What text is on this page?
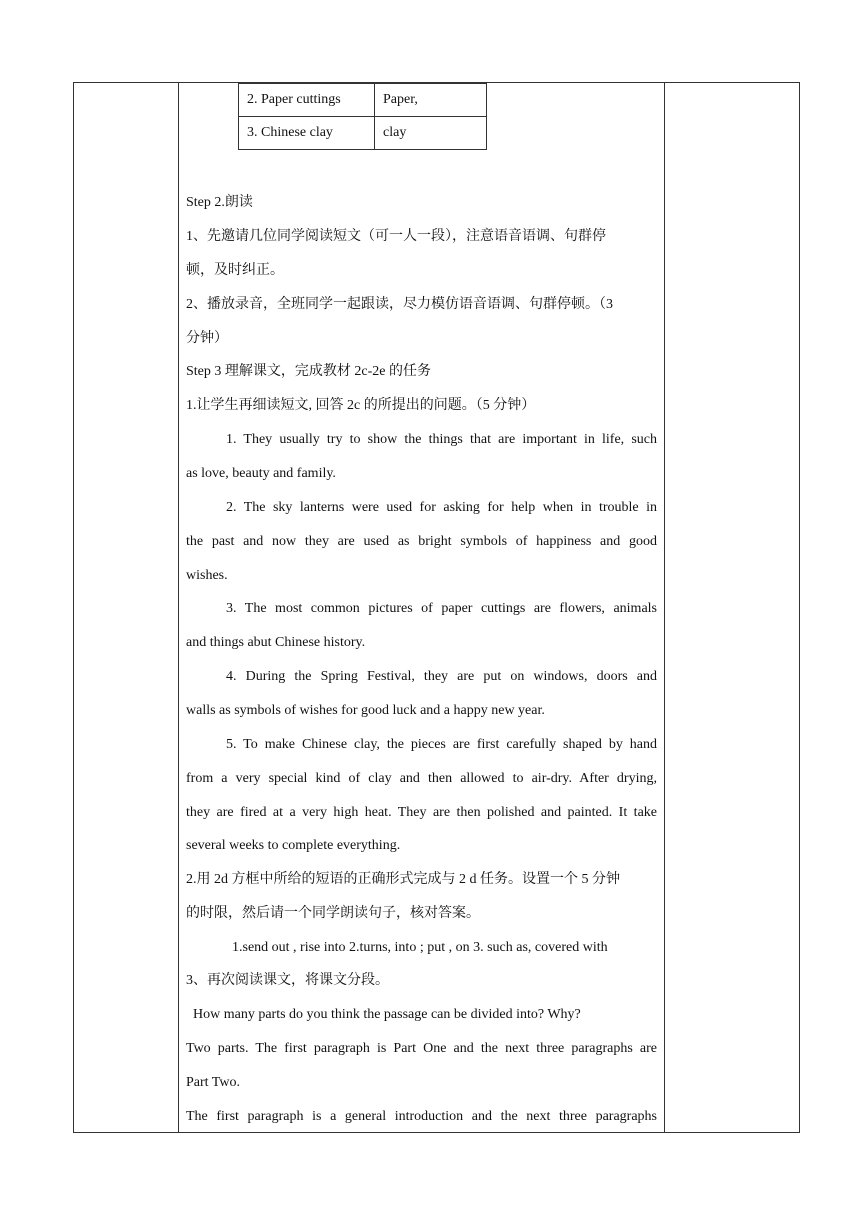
2. Paper cuttings	Paper,
3. Chinese clay	clay
Step 2.朗读
1、先邀请几位同学阅读短文（可一人一段），注意语音语调、句群停
顿，及时纠正。
2、播放录音，全班同学一起跟读，尽力模仿语音语调、句群停顿。（3
分钟）
Step 3 理解课文，完成教材 2c-2e 的任务
1.让学生再细读短文, 回答 2c 的所提出的问题。（5 分钟）
1. They usually try to show the things that are important in life, such
as love, beauty and family.
2. The sky lanterns were used for asking for help when in trouble in
the past and now they are used as bright symbols of happiness and good
wishes.
3. The most common pictures of paper cuttings are flowers, animals
and things abut Chinese history.
4. During the Spring Festival, they are put on windows, doors and
walls as symbols of wishes for good luck and a happy new year.
5. To make Chinese clay, the pieces are first carefully shaped by hand
from a very special kind of clay and then allowed to air-dry. After drying,
they are fired at a very high heat. They are then polished and painted. It take
several weeks to complete everything.
2.用 2d 方框中所给的短语的正确形式完成与 2 d 任务。设置一个 5 分钟
的时限，然后请一个同学朗读句子，核对答案。
1.send out , rise into 2.turns, into ; put , on 3. such as, covered with
3、再次阅读课文，将课文分段。
How many parts do you think the passage can be divided into? Why?
Two parts. The first paragraph is Part One and the next three paragraphs are
Part Two.
The first paragraph is a general introduction and the next three paragraphs
